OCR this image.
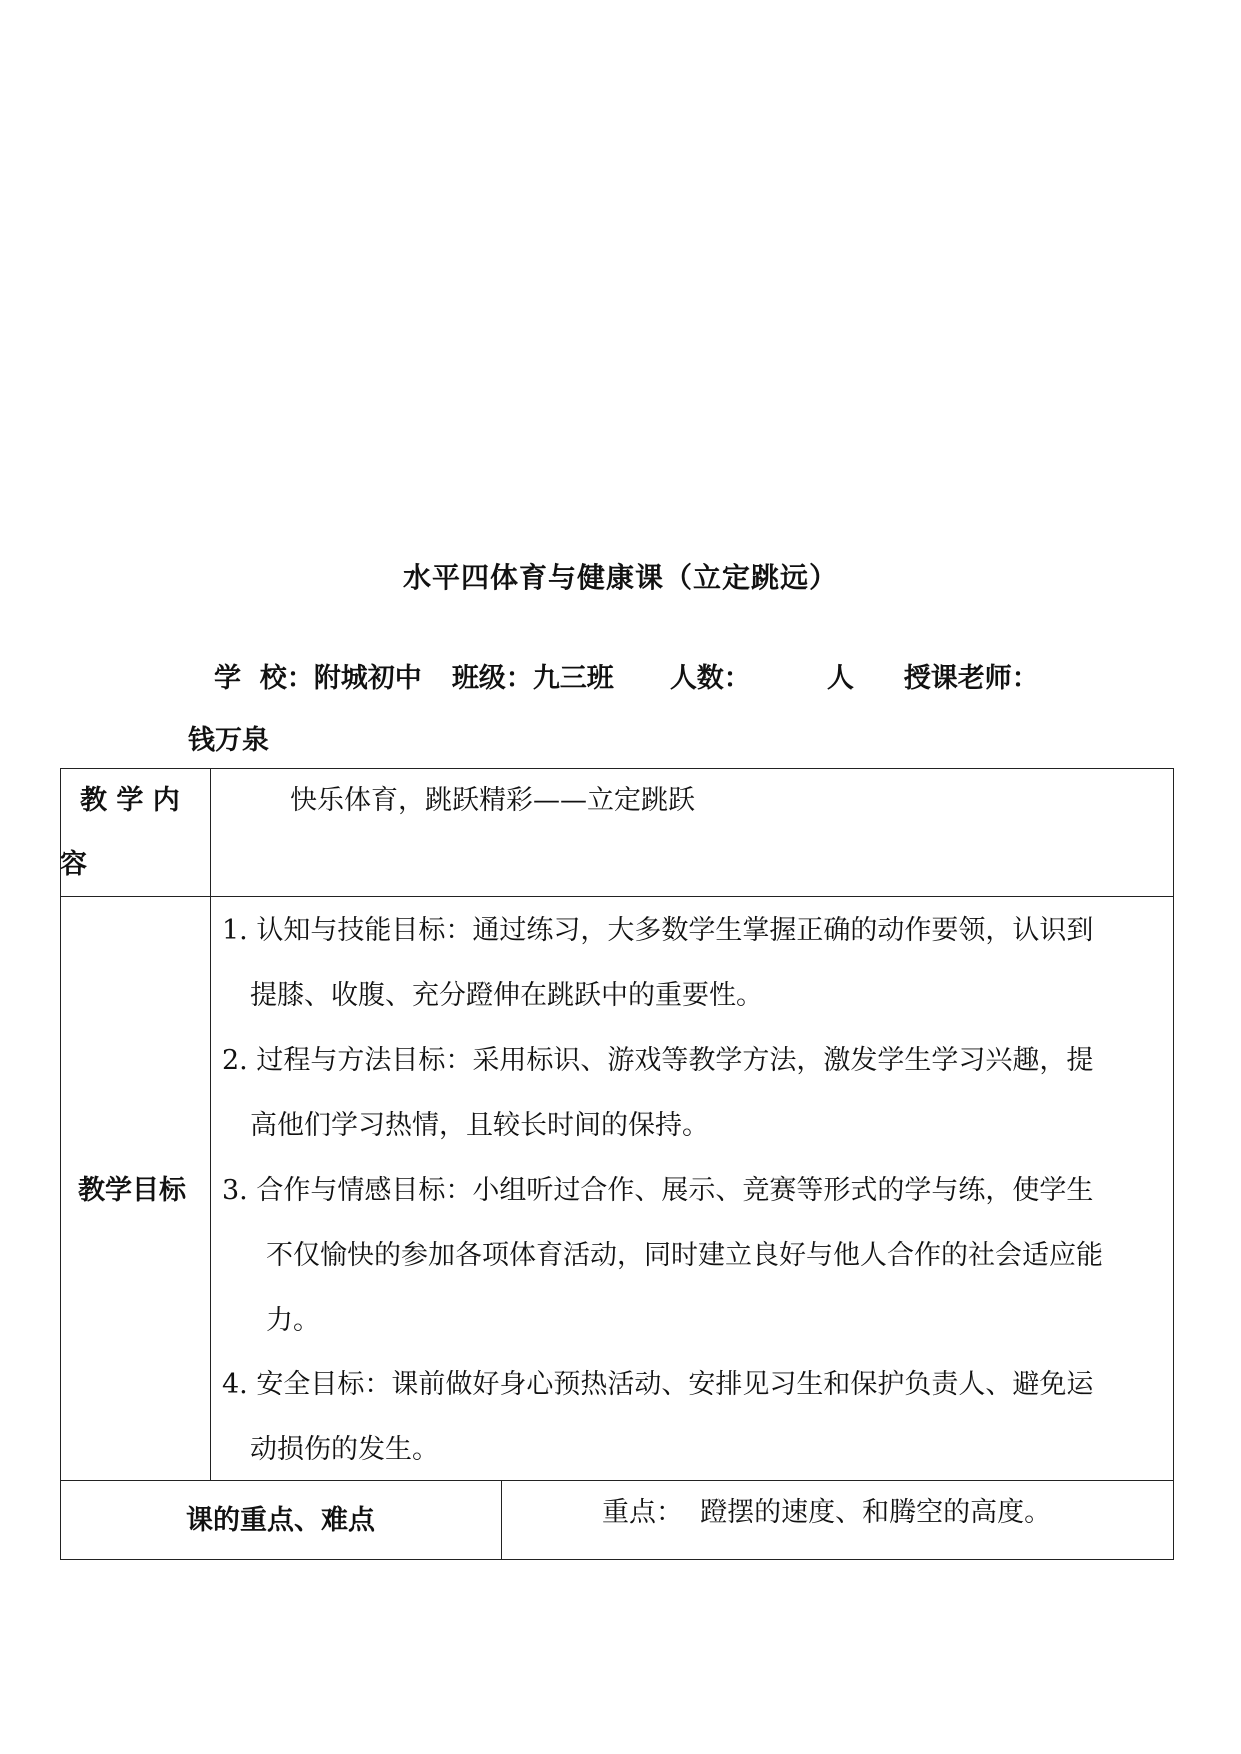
水平四体育与健康课（立定跳远）
学  校：附城初中 班级：九三班 人数：	人 授课老师：
钱万泉
教 学 内
容
快乐体育，跳跃精彩——立定跳跃
教学目标
1. 认知与技能目标：通过练习，大多数学生掌握正确的动作要领，认识到
提膝、收腹、充分蹬伸在跳跃中的重要性。
2. 过程与方法目标：采用标识、游戏等教学方法，激发学生学习兴趣，提
高他们学习热情，且较长时间的保持。
3. 合作与情感目标：小组听过合作、展示、竞赛等形式的学与练，使学生
不仅愉快的参加各项体育活动，同时建立良好与他人合作的社会适应能
力。
4. 安全目标：课前做好身心预热活动、安排见习生和保护负责人、避免运
动损伤的发生。
课的重点、难点	重点：  蹬摆的速度、和腾空的高度。
